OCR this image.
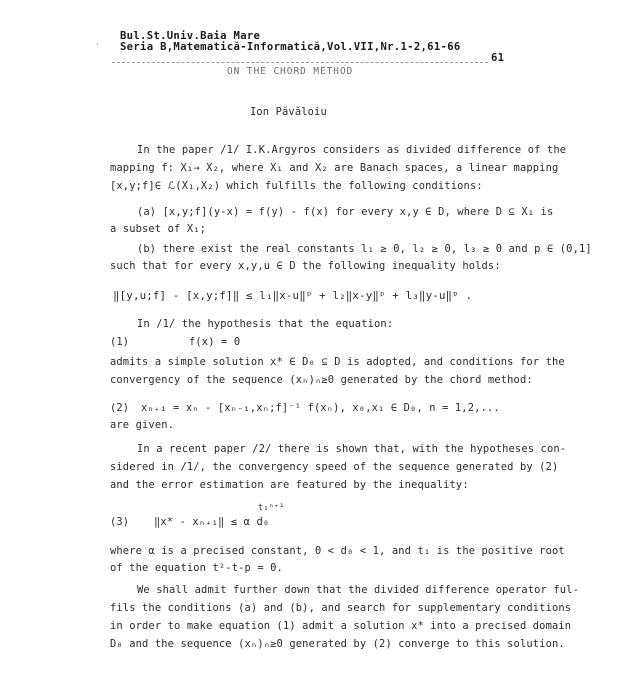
Bul.St.Univ.Baia Mare
Seria B,Matematică-Informatică,Vol.VII,Nr.1-2,61-66
61
·
ON THE CHORD METHOD
Ion Păvăloiu
In the paper /1/ I.K.Argyros considers as divided difference of the
mapping f: X₁→ X₂, where X₁ and X₂ are Banach spaces, a linear mapping
[x,y;f]∈ ℒ(X₁,X₂) which fulfills the following conditions:
(a) [x,y;f](y-x) = f(y) - f(x) for every x,y ∈ D, where D ⊆ X₁ is
a subset of X₁;
(b) there exist the real constants l₁ ≥ 0, l₂ ≥ 0, l₃ ≥ 0 and p ∈ (0,1]
such that for every x,y,u ∈ D the following inequality holds:
‖[y,u;f] - [x,y;f]‖ ≤ l₁‖x-u‖ᵖ + l₂‖x-y‖ᵖ + l₃‖y-u‖ᵖ .
In /1/ the hypothesis that the equation:
(1)	f(x) = 0
admits a simple solution x* ∈ D₀ ⊆ D is adopted, and conditions for the
convergency of the sequence (xₙ)ₙ≥0 generated by the chord method:
(2) xₙ₊₁ = xₙ - [xₙ₋₁,xₙ;f]⁻¹ f(xₙ), x₀,x₁ ∈ D₀, n = 1,2,...
are given.
In a recent paper /2/ there is shown that, with the hypotheses con-
sidered in /1/, the convergency speed of the sequence generated by (2)
and the error estimation are featured by the inequality:
t₁ⁿ⁺¹
(3) ‖x* - xₙ₊₁‖ ≤ α d₀
where α is a precised constant, 0 < d₀ < 1, and t₁ is the positive root
of the equation t²-t-p = 0.
We shall admit further down that the divided difference operator ful-
fils the conditions (a) and (b), and search for supplementary conditions
in order to make equation (1) admit a solution x* into a precised domain
D₀ and the sequence (xₙ)ₙ≥0 generated by (2) converge to this solution.
